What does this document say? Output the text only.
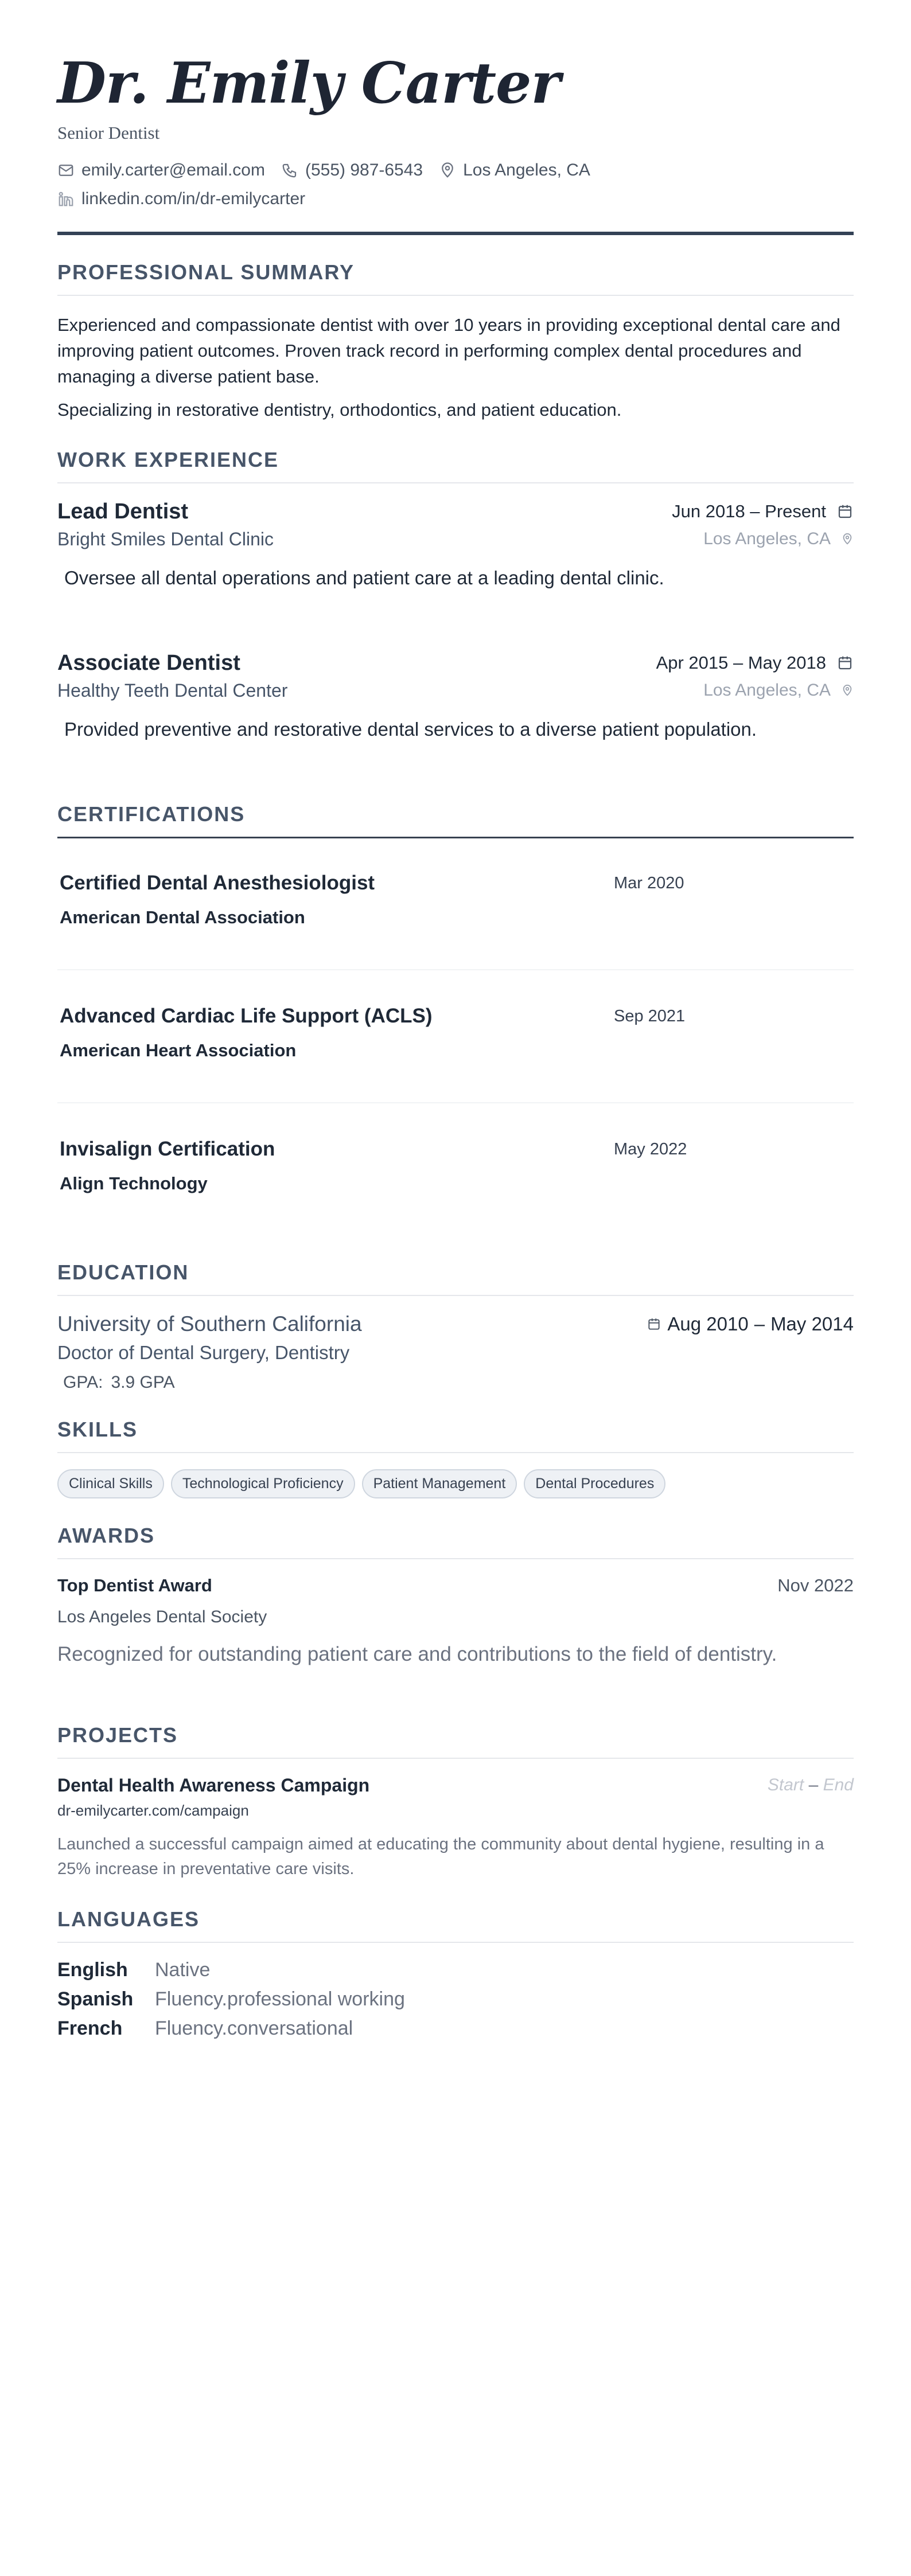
Dr. Emily Carter
Senior Dentist
emily.carter@email.com (555) 987-6543 Los Angeles, CA
linkedin.com/in/dr-emilycarter
PROFESSIONAL SUMMARY

Experienced and compassionate dentist with over 10 years in providing exceptional dental care and improving patient outcomes. Proven track record in performing complex dental procedures and managing a diverse patient base.

Specializing in restorative dentistry, orthodontics, and patient education.

WORK EXPERIENCE
Lead Dentist	Jun 2018 – Present
Bright Smiles Dental Clinic	Los Angeles, CA
Oversee all dental operations and patient care at a leading dental clinic.
Associate Dentist	Apr 2015 – May 2018
Healthy Teeth Dental Center	Los Angeles, CA
Provided preventive and restorative dental services to a diverse patient population.
CERTIFICATIONS
Certified Dental Anesthesiologist
American Dental Association
Mar 2020
Advanced Cardiac Life Support (ACLS)
American Heart Association
Sep 2021
Invisalign Certification
Align Technology
May 2022
EDUCATION
University of Southern California	Aug 2010 – May 2014
Doctor of Dental Surgery, Dentistry
GPA: 3.9 GPA
SKILLS
Clinical Skills	Technological Proficiency	Patient Management	Dental Procedures
AWARDS
Top Dentist Award	Nov 2022
Los Angeles Dental Society
Recognized for outstanding patient care and contributions to the field of dentistry.
PROJECTS
Dental Health Awareness Campaign	Start – End
dr-emilycarter.com/campaign
Launched a successful campaign aimed at educating the community about dental hygiene, resulting in a 25% increase in preventative care visits.
LANGUAGES
English	Native
Spanish	Fluency.professional working
French	Fluency.conversational
